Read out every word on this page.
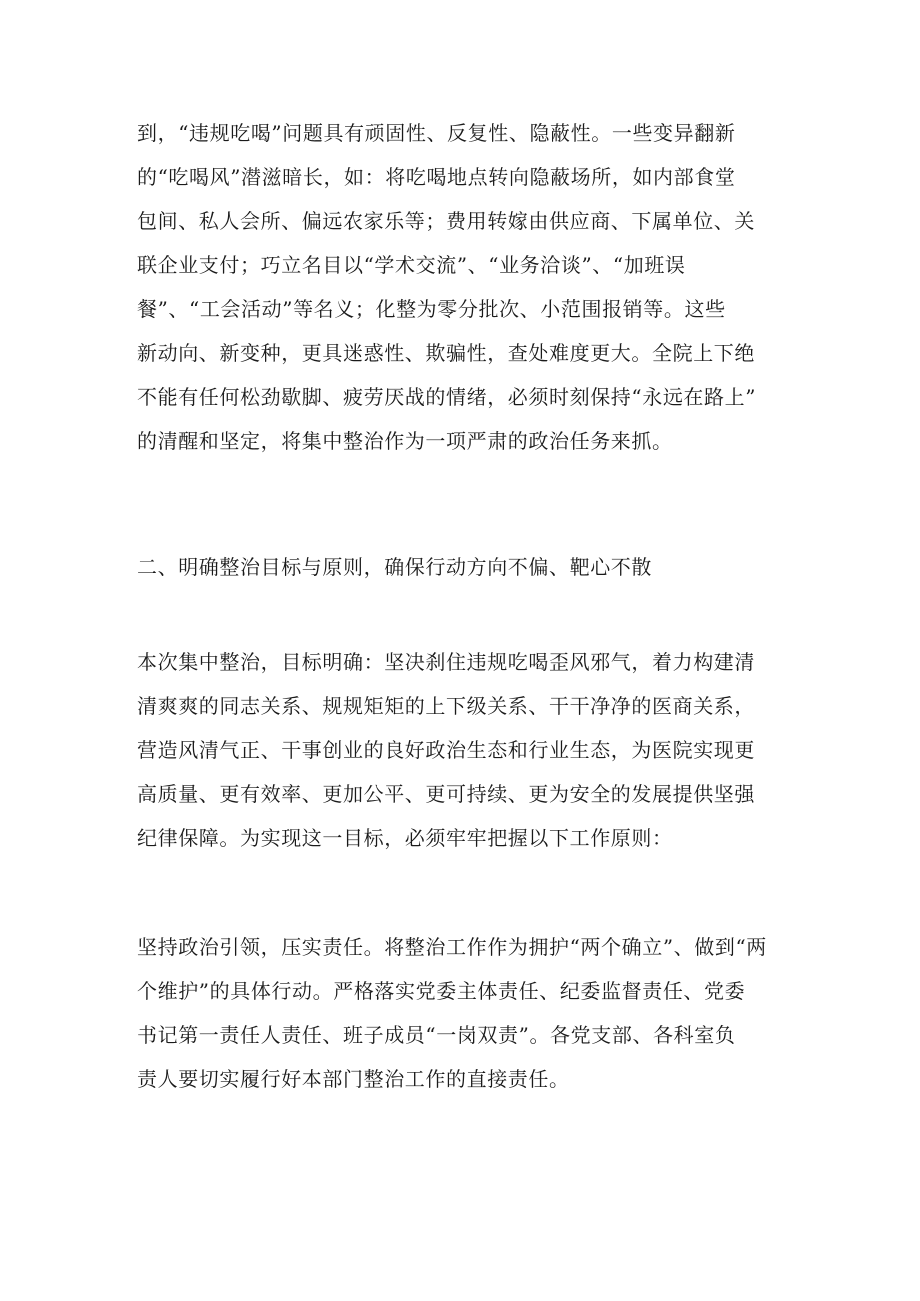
到，“违规吃喝”问题具有顽固性、反复性、隐蔽性。一些变异翻新
的“吃喝风”潜滋暗长，如：将吃喝地点转向隐蔽场所，如内部食堂
包间、私人会所、偏远农家乐等；费用转嫁由供应商、下属单位、关
联企业支付；巧立名目以“学术交流”、“业务洽谈”、“加班误
餐”、“工会活动”等名义；化整为零分批次、小范围报销等。这些
新动向、新变种，更具迷惑性、欺骗性，查处难度更大。全院上下绝
不能有任何松劲歇脚、疲劳厌战的情绪，必须时刻保持“永远在路上”
的清醒和坚定，将集中整治作为一项严肃的政治任务来抓。
二、明确整治目标与原则，确保行动方向不偏、靶心不散
本次集中整治，目标明确：坚决刹住违规吃喝歪风邪气，着力构建清
清爽爽的同志关系、规规矩矩的上下级关系、干干净净的医商关系，
营造风清气正、干事创业的良好政治生态和行业生态，为医院实现更
高质量、更有效率、更加公平、更可持续、更为安全的发展提供坚强
纪律保障。为实现这一目标，必须牢牢把握以下工作原则：
坚持政治引领，压实责任。将整治工作作为拥护“两个确立”、做到“两
个维护”的具体行动。严格落实党委主体责任、纪委监督责任、党委
书记第一责任人责任、班子成员“一岗双责”。各党支部、各科室负
责人要切实履行好本部门整治工作的直接责任。
